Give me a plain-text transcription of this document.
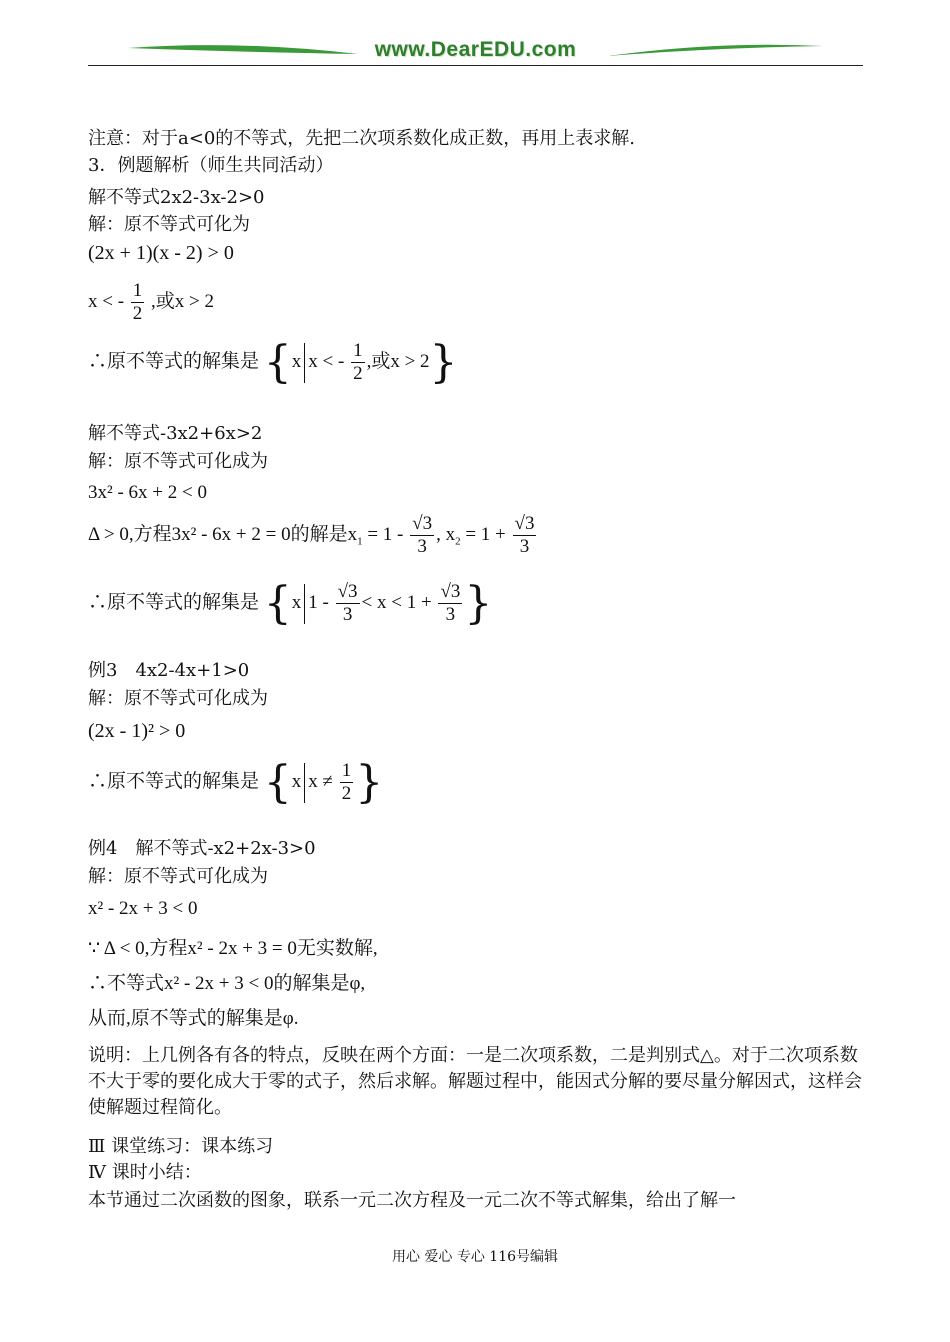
www.DearEDU.com
注意：对于a<0的不等式，先把二次项系数化成正数，再用上表求解.
3．例题解析（师生共同活动）
解不等式2x2-3x-2>0
解：原不等式可化为
(2x + 1)(x - 2) > 0
x < - $\frac{1}{2}$ ,或x > 2
∴原不等式的解集是 {x x < - $\frac{1}{2}$ ,或x > 2}
解不等式-3x2+6x>2
解：原不等式可化成为
3x² - 6x + 2 < 0
Δ > 0,方程3x² - 6x + 2 = 0的解是$x_1 = 1 - \frac{√3}{3}$ , $x_2 = 1 + \frac{√3}{3}$
∴原不等式的解集是 {x $1 - \frac{√3}{3} < x < 1 + \frac{√3}{3}$ }
例3　4x2-4x+1>0
解：原不等式可化成为
(2x - 1)² > 0
∴原不等式的解集是 {x $x \ne \frac{1}{2}$ }
例4　解不等式-x2+2x-3>0
解：原不等式可化成为
x² - 2x + 3 < 0
∵ Δ < 0,方程x² - 2x + 3 = 0无实数解,
∴不等式x² - 2x + 3 < 0的解集是φ,
从而,原不等式的解集是φ.
说明：上几例各有各的特点，反映在两个方面：一是二次项系数，二是判别式△。对于二次项系数不大于零的要化成大于零的式子，然后求解。解题过程中，能因式分解的要尽量分解因式，这样会使解题过程简化。
Ⅲ 课堂练习：课本练习
Ⅳ 课时小结：
本节通过二次函数的图象，联系一元二次方程及一元二次不等式解集，给出了解一
用心 爱心 专心 116号编辑
